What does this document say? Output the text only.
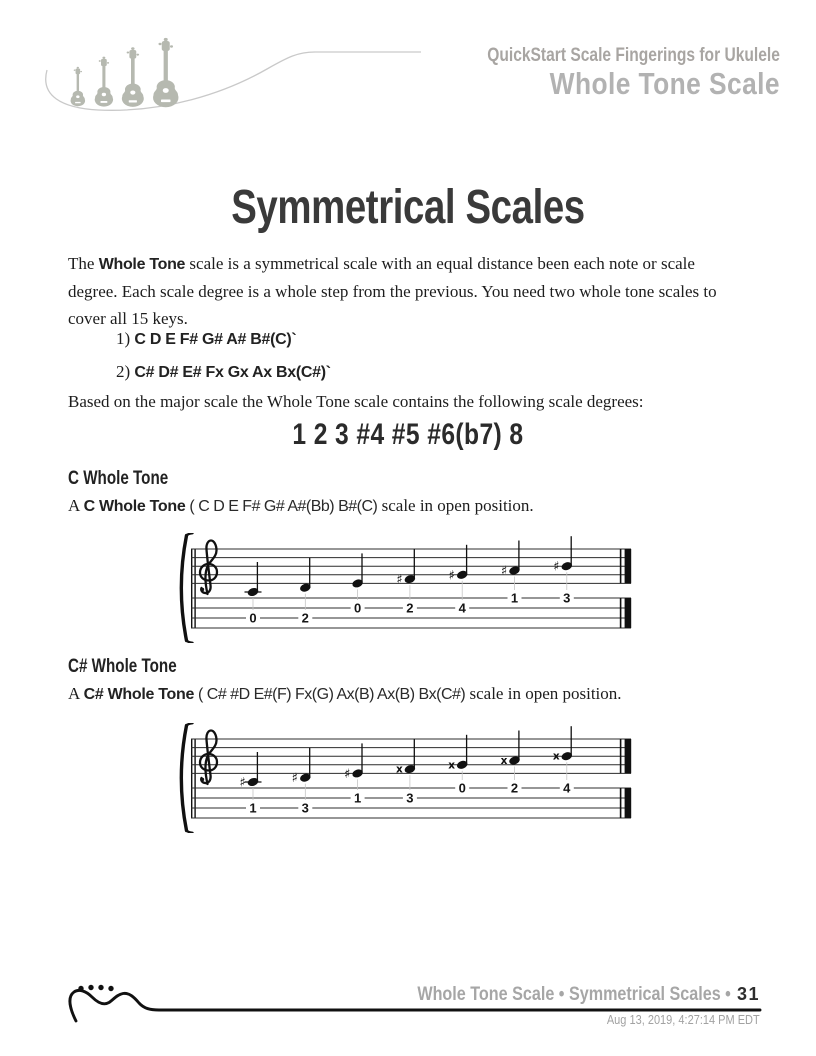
QuickStart Scale Fingerings for Ukulele
Whole Tone Scale
Symmetrical Scales

The Whole Tone scale is a symmetrical scale with an equal distance been each note or scale degree. Each scale degree is a whole step from the previous. You need two whole tone scales to cover all 15 keys.

1) C D E F# G# A# B#(C)`
2) C# D# E# Fx Gx Ax Bx(C#)`

Based on the major scale the Whole Tone scale contains the following scale degrees:

1 2 3 #4 #5 #6(b7) 8
C Whole Tone

A C Whole Tone ( C D E F# G# A#(Bb) B#(C) scale in open position.

0	2
0
♯
2
♯
4
♯
1
♯
3
C# Whole Tone

A C# Whole Tone ( C# #D E#(F) Fx(G) Ax(B) Ax(B) Bx(C#) scale in open position.

♯
1
♯
3
♯
1
x
3
x
0
x
2
x
4
Whole Tone Scale • Symmetrical Scales • 31
Aug 13, 2019, 4:27:14 PM EDT
